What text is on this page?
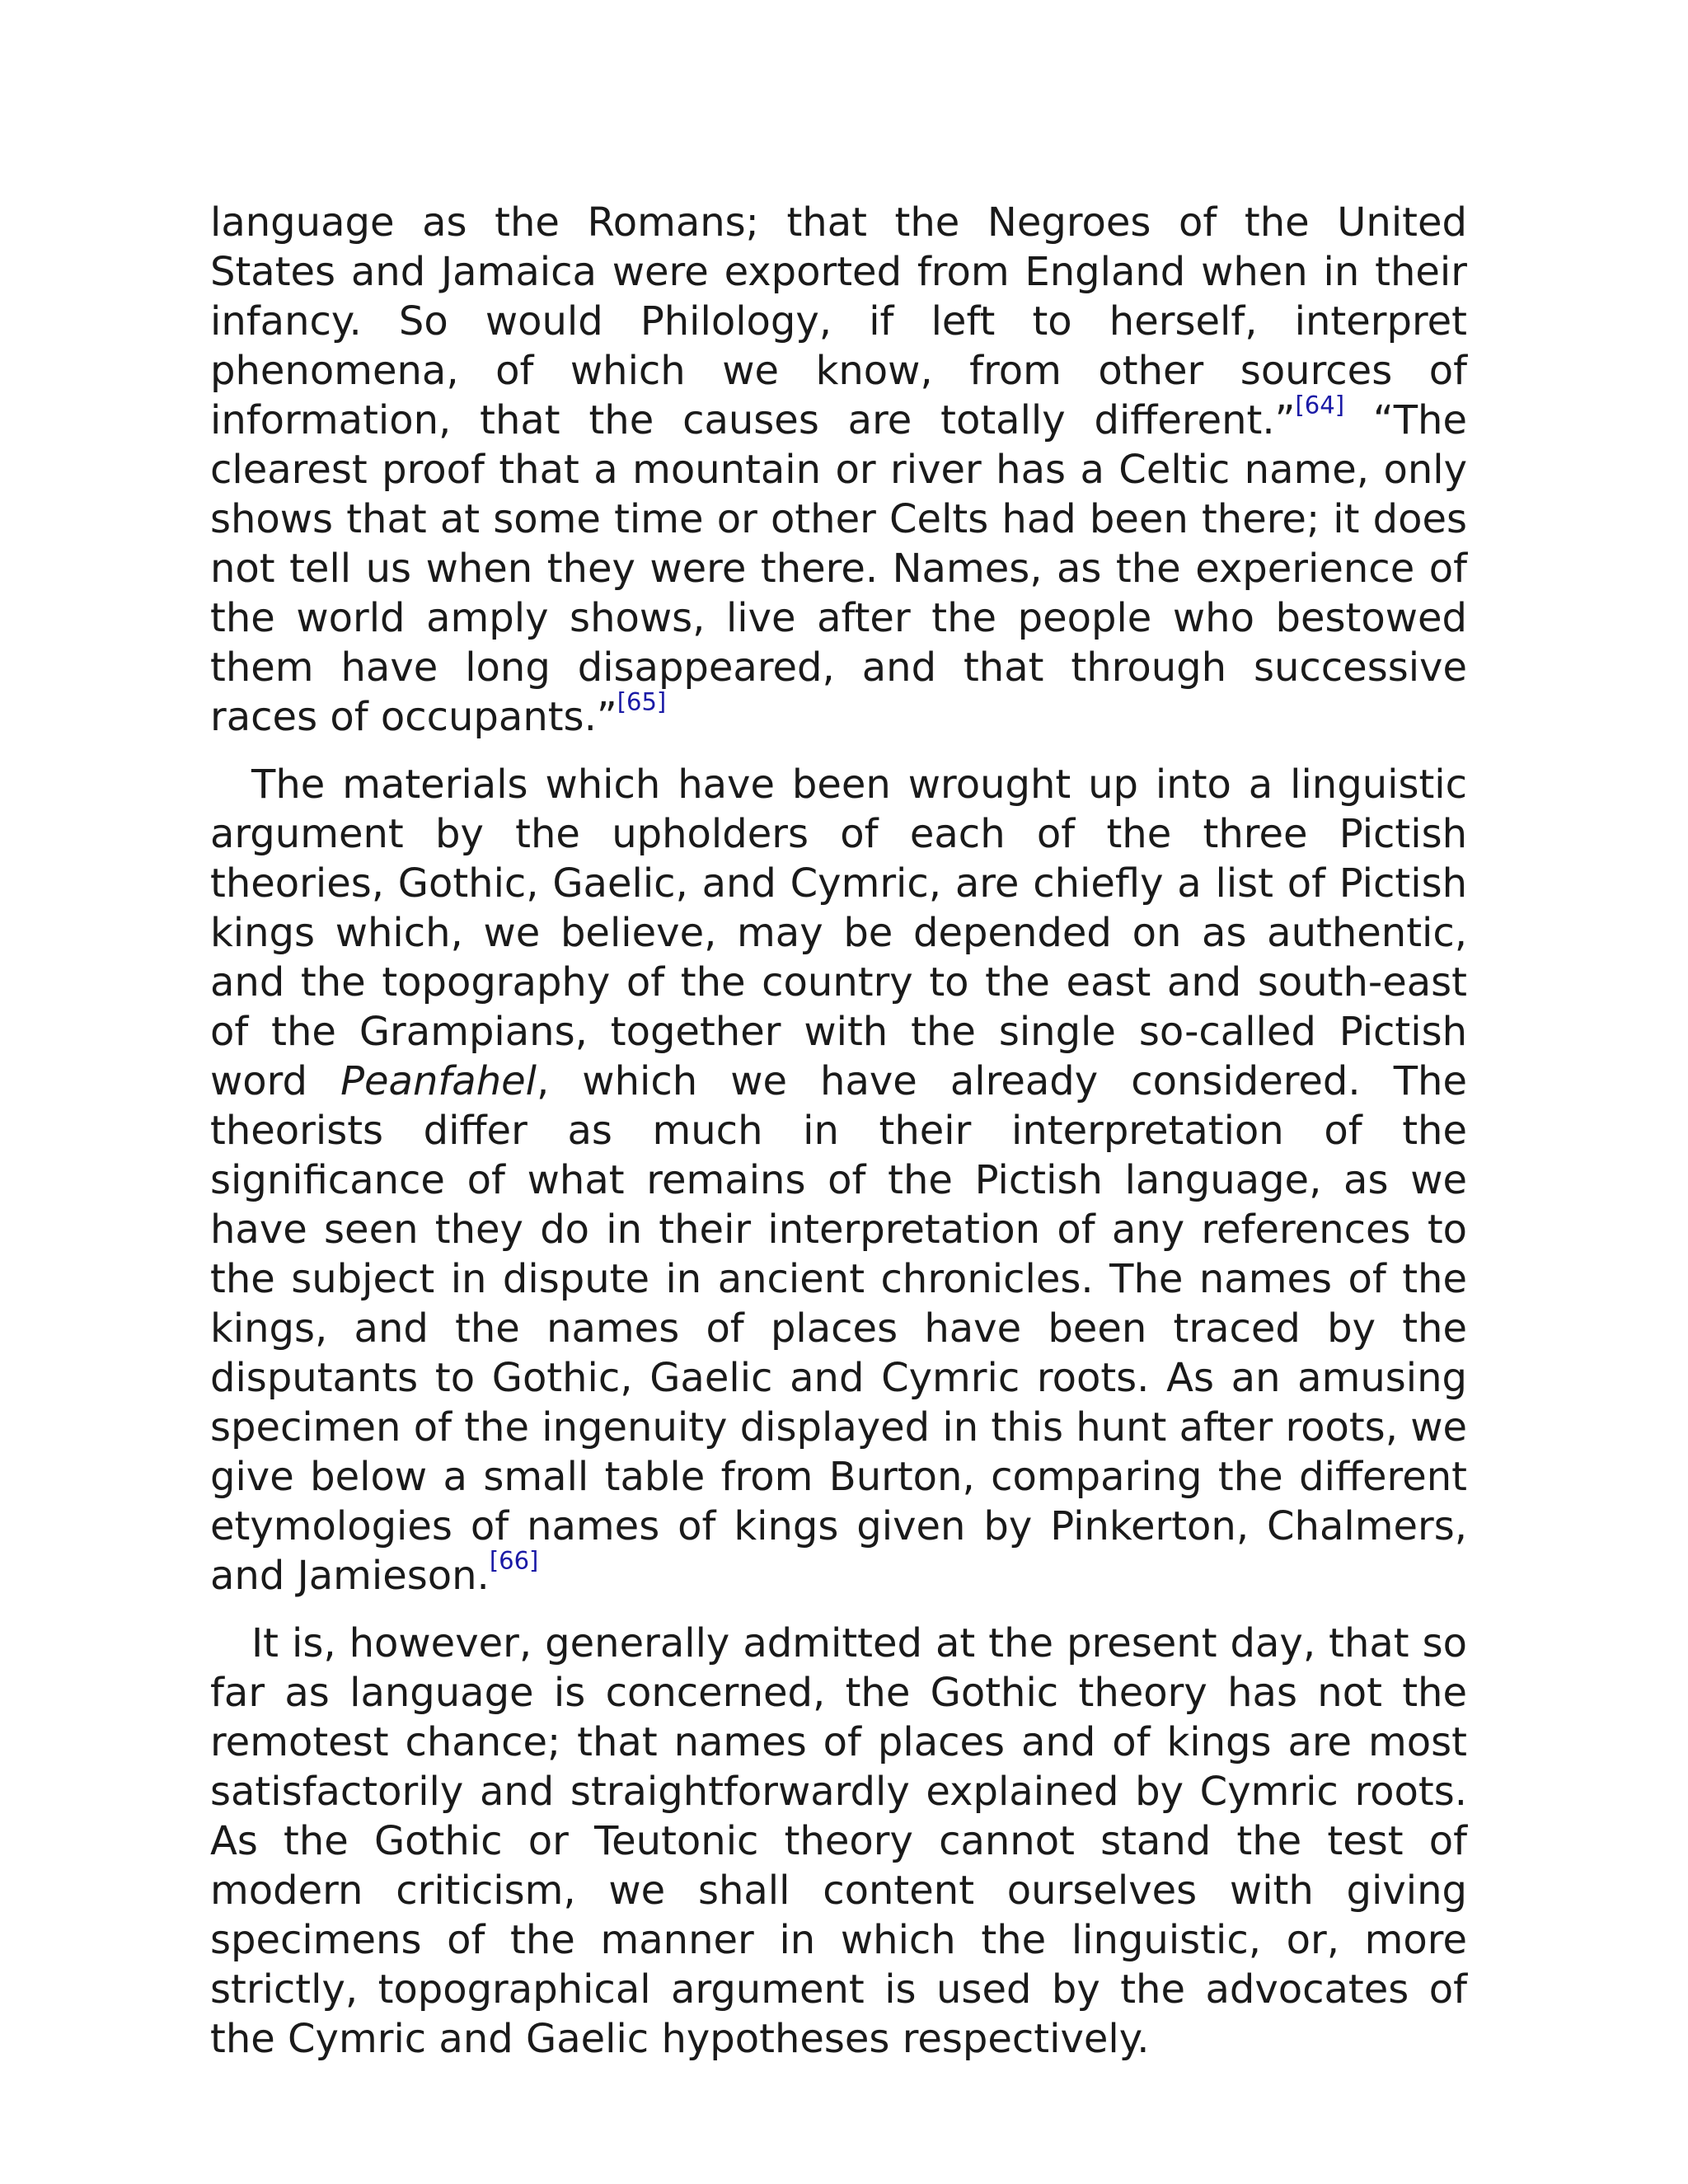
language as the Romans; that the Negroes of the United States and Jamaica were exported from England when in their infancy. So would Philology, if left to herself, interpret phenomena, of which we know, from other sources of information, that the causes are totally different.”[64] “The clearest proof that a mountain or river has a Celtic name, only shows that at some time or other Celts had been there; it does not tell us when they were there. Names, as the experience of the world amply shows, live after the people who bestowed them have long disappeared, and that through successive races of occupants.”[65]

The materials which have been wrought up into a linguistic argument by the upholders of each of the three Pictish theories, Gothic, Gaelic, and Cymric, are chiefly a list of Pictish kings which, we believe, may be depended on as authentic, and the topography of the country to the east and south-east of the Grampians, together with the single so-called Pictish word Peanfahel, which we have already considered. The theorists differ as much in their interpretation of the significance of what remains of the Pictish language, as we have seen they do in their interpretation of any references to the subject in dispute in ancient chronicles. The names of the kings, and the names of places have been traced by the disputants to Gothic, Gaelic and Cymric roots. As an amusing specimen of the ingenuity displayed in this hunt after roots, we give below a small table from Burton, comparing the different etymologies of names of kings given by Pinkerton, Chalmers, and Jamieson.[66]

It is, however, generally admitted at the present day, that so far as language is concerned, the Gothic theory has not the remotest chance; that names of places and of kings are most satisfactorily and straightforwardly explained by Cymric roots. As the Gothic or Teutonic theory cannot stand the test of modern criticism, we shall content ourselves with giving specimens of the manner in which the linguistic, or, more strictly, topographical argument is used by the advocates of the Cymric and Gaelic hypotheses respectively.
